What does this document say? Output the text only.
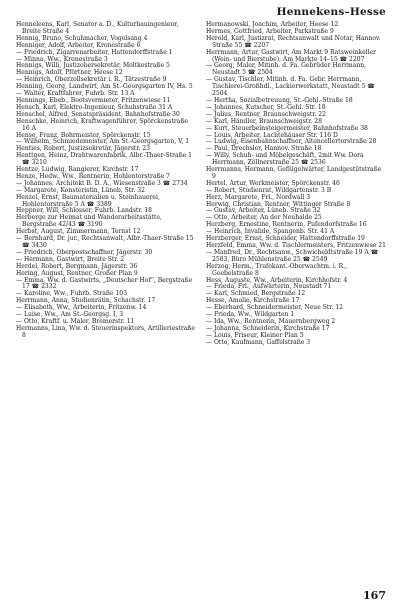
Hennekens–Hesse
Henneleens, Karl, Senator a. D., Kulturbauingenieur, Breite Straße 4
Hennig, Bruno, Schuhmacher, Vogelsang 4
Henniger, Adolf, Arbeiter, Kronestraße 6
— Friedrich, Zigarrenarbeiter, Hattendorffstraße 1
— Minna, Ww., Kronestraße 3
Hennigs, Willi, Justizobersekretär, Moltkestraße 5
Hennigs, Adolf, Pförtner, Heese 12
— Heinrich, Oberzollsekretär i. R., Tätzestraße 9
Henning, Georg, Landwirt, Am St.-Georgsgarten IV, Hs. 5
— Walter, Kraftfahrer, Fuhrb. Str. 13 A
Hennings, Ebeb., Bootsvermieter, Fritzenwiese 11
Hensch, Karl, Elektro-Ingenieur, Schuhstraße 31 A
Henschel, Alfred, Senatspräsident, Bahnhofstraße 30
Henschke, Heinrich, Kraftwagenführer, Spörckenstraße 16 A
Hense, Franz, Bohrmeister, Spörckenstr. 15
— Wilhelm, Schmiedemeister, Am St.-Georgsgarten, V, 1
Henties, Robert, Justizsekretär, Jägerstr. 23
Henttgen, Heinz, Drahtwarenfabrik, Albr.-Thaer-Straße 1 ☎ 3210
Hentze, Ludwig, Rangierer, Kirchstr. 17
Henze, Hedw., Ww., Rentnerin, Hohlentorstraße 7
— Johannes, Architekt B. D. A., Wiesenstraße 3 ☎ 2734
— Margarete, Konsteristin, Lüneb. Str. 32
Henzel, Ernst, Baumaterialien u. Steinhauerei, Hohlentorstraße 5 A ☎ 3389
Heppner, Will, Schlosser, Fuhrb. Landstr. 18
Herberge zur Heimat und Wanderarbeitsstätte, Bergstraße 42/43 ☎ 3190
Herbst, August, Zimmermann, Ternst 12
— Bernhard, Dr. jur., Rechtsanwalt, Albr.-Thaer-Straße 15 ☎ 3430
— Friedrich, Oberpostschaffner, Jägerstr. 30
— Hermann, Gastwirt, Breite Str. 2
Herdel, Robert, Bergmann, Jägerstr. 36
Hering, August, Rentner, Großer Plan 9
— Emma, Ww. d. Gastwirts, „Deutscher Hof“, Bergstraße 17 ☎ 2332
— Karoline, Ww., Fuhrb. Straße 103
Herrmann, Anna, Studienrätin, Schachstr. 17
— Elisabeth, Ww., Arbeiterin, Fritzenw. 14
— Luise, Ww., Am St.-Georgsg. I, 3
— Otto, Kraftf. u. Maler, Bremerstr. 11
Hermanns, Lina, Ww. d. Steuerinspektors, Artilleriestraße 8
Hermanowski, Joachim, Arbeiter, Heese 12
Hermes, Gottfried, Arbeiter, Parkstraße 9
Herold, Karl, Justizrat, Rechtsanwalt und Notar, Hannov. Straße 55 ☎ 2207
Herrmann, Artur, Gastwirt, Am Markt 9 Ratsweinkeller (Wein- und Bierstube), Am Markte 14–15 ☎ 2207
— Georg, Maler, Mitinh. d. Fa. Gebrüder Herrmann, Neustadt 5 ☎ 2504
— Gustav, Tischler, Mitinh. d. Fa. Gebr. Herrmann, Tischlerei-Großhdl., Lackierwerkstatt, Neustadt 5 ☎ 2504
— Hertha, Sozialbetreuung, St.-Gehl.-Straße 18
— Johannes, Kutscher, St.-Gehl. Str. 18
— Julius, Rentner, Braunschweigstr. 22
— Karl, Händler, Braunschweigstr. 28
— Kurt, Steuerbeinsteigermeister, Bahnhofstraße 38
— Louis, Arbeiter, Lachtehäuser Str. 116 D
— Ludwig, Eisenbahnschaffner, Altencellertorstraße 28
— Paul, Drechsler, Hannov. Straße 18
— Willy, Schuh- und Möbelgeschäft, 2mit Ww. Dora Herrmann, Zöllnerstraße 25 ☎ 2536
Herrmanns, Hermann, Geflügelwärter, Landgestütstraße 9
Hertel, Artur, Werkmeister, Spörckenstr. 46
— Robert, Studienrat, Wildgartenstr. 3 B
Herz, Margarete, Frl., Nordwall 3
Herwig, Christian, Rentner, Wittinger Straße 8
— Gustav, Arbeiter, Lüneb. Straße 32
— Otto, Arbeiter, An der Neuhalde 25
Herzberg, Ernestine, Rentnerin, Pufendorfstraße 16
— Heinrich, Invalide, Spangenb. Str. 41 A
Herzberger, Ernst, Schneider, Hattendorffstraße 19
Herzfeld, Emma, Ww. d. Tischlermeisters, Fritzenwiese 21
— Manfred, Dr., Rechtsanw., Schwicheldtstraße 19 A ☎ 2583, Büro Mühlenstraße 25 ☎ 2549
Herzog, Herm., Trafokant.-Oberwachtm. i. R., Goebelstraße 8
Hess, Auguste, Ww., Arbeiterin, Kirchhofstr. 4
— Frieda, Frl., Aufwärterin, Neustadt 71
— Karl, Schmied, Bergstraße 12
Hesse, Amalie, Kirchstraße 17
— Eberhard, Schneidermeister, Neue Str. 12
— Frieda, Ww., Wildgarten 1
— Ida, Ww., Rentnerin, Mauernbergweg 2
— Johanna, Schneiderin, Kirchstraße 17
— Louis, Friseur, Kleiner Plan 5
— Otto, Kaufmann, Gaffelstraße 3
167
